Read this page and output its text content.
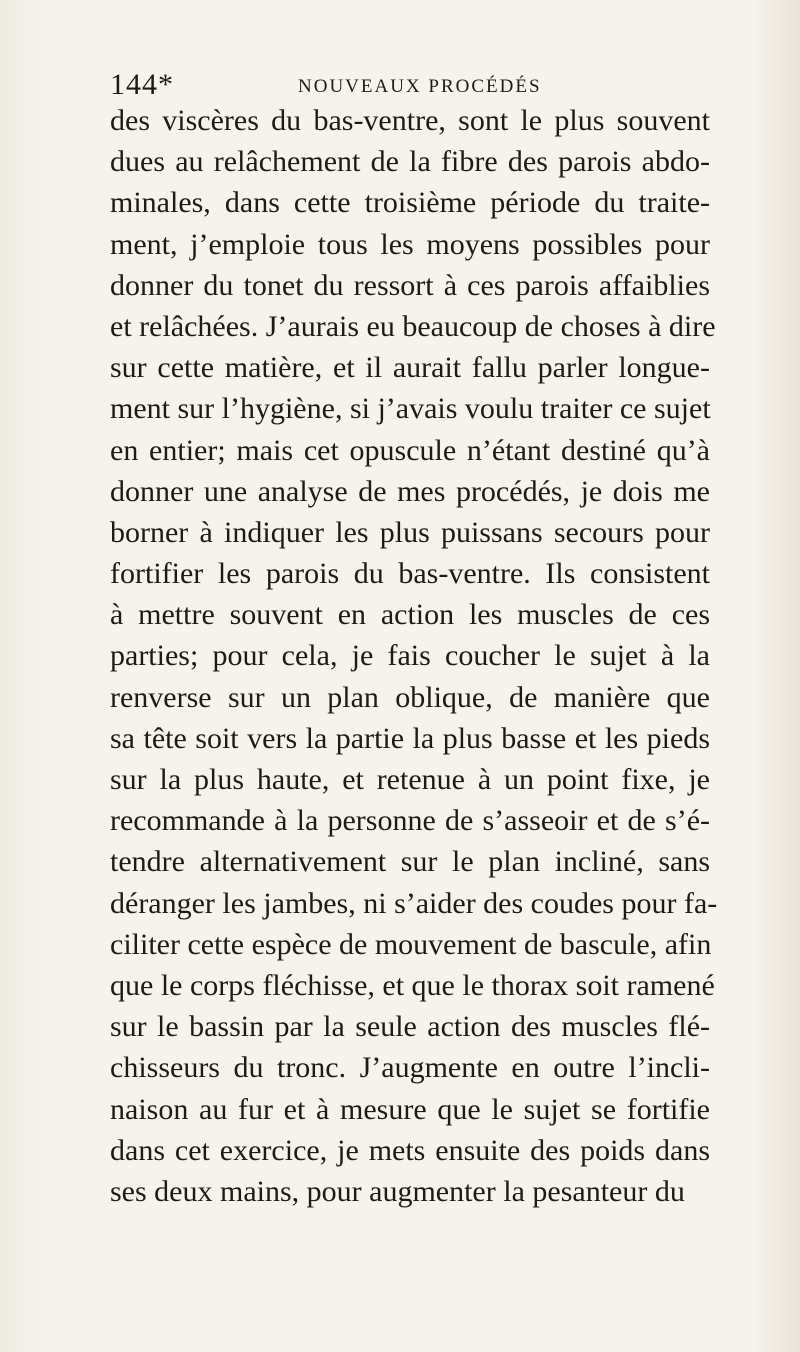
144*	NOUVEAUX PROCÉDÉS
des viscères du bas-ventre, sont le plus souvent
dues au relâchement de la fibre des parois abdo-
minales, dans cette troisième période du traite-
ment, j’emploie tous les moyens possibles pour
donner du tonet du ressort à ces parois affaiblies
et relâchées. J’aurais eu beaucoup de choses à dire
sur cette matière, et il aurait fallu parler longue-
ment sur l’hygiène, si j’avais voulu traiter ce sujet
en entier; mais cet opuscule n’étant destiné qu’à
donner une analyse de mes procédés, je dois me
borner à indiquer les plus puissans secours pour
fortifier les parois du bas-ventre. Ils consistent
à mettre souvent en action les muscles de ces
parties; pour cela, je fais coucher le sujet à la
renverse sur un plan oblique, de manière que
sa tête soit vers la partie la plus basse et les pieds
sur la plus haute, et retenue à un point fixe, je
recommande à la personne de s’asseoir et de s’é-
tendre alternativement sur le plan incliné, sans
déranger les jambes, ni s’aider des coudes pour fa-
ciliter cette espèce de mouvement de bascule, afin
que le corps fléchisse, et que le thorax soit ramené
sur le bassin par la seule action des muscles flé-
chisseurs du tronc. J’augmente en outre l’incli-
naison au fur et à mesure que le sujet se fortifie
dans cet exercice, je mets ensuite des poids dans
ses deux mains, pour augmenter la pesanteur du
